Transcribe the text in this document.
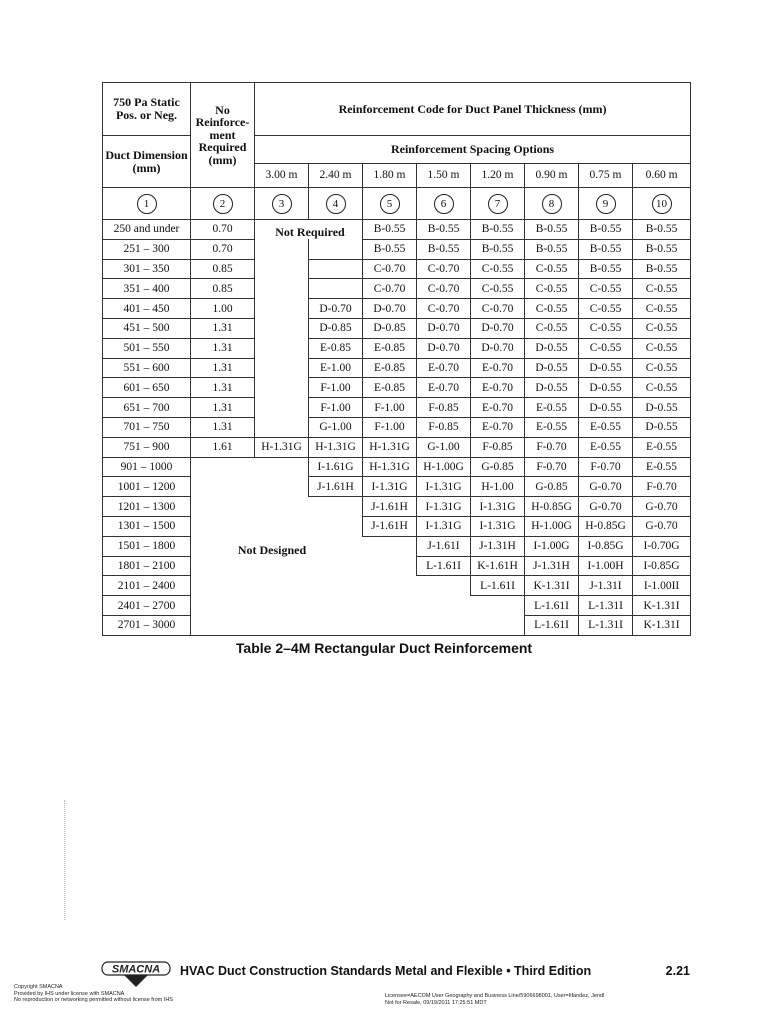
750 Pa Static Pos. or Neg.	No Reinforce- ment Required (mm)	Reinforcement Code for Duct Panel Thickness (mm)							
Duct Dimension (mm)		Reinforcement Spacing Options							
		3.00 m	2.40 m	1.80 m	1.50 m	1.20 m	0.90 m	0.75 m	0.60 m
1	2	3	4	5	6	7	8	9	10
250 and under	0.70			B-0.55	B-0.55	B-0.55	B-0.55	B-0.55	B-0.55
251 – 300	0.70			B-0.55	B-0.55	B-0.55	B-0.55	B-0.55	B-0.55
301 – 350	0.85			C-0.70	C-0.70	C-0.55	C-0.55	B-0.55	B-0.55
351 – 400	0.85			C-0.70	C-0.70	C-0.55	C-0.55	C-0.55	C-0.55
401 – 450	1.00		D-0.70	D-0.70	C-0.70	C-0.70	C-0.55	C-0.55	C-0.55
451 – 500	1.31		D-0.85	D-0.85	D-0.70	D-0.70	C-0.55	C-0.55	C-0.55
501 – 550	1.31		E-0.85	E-0.85	D-0.70	D-0.70	D-0.55	C-0.55	C-0.55
551 – 600	1.31		E-1.00	E-0.85	E-0.70	E-0.70	D-0.55	D-0.55	C-0.55
601 – 650	1.31		F-1.00	E-0.85	E-0.70	E-0.70	D-0.55	D-0.55	C-0.55
651 – 700	1.31		F-1.00	F-1.00	F-0.85	E-0.70	E-0.55	D-0.55	D-0.55
701 – 750	1.31		G-1.00	F-1.00	F-0.85	E-0.70	E-0.55	E-0.55	D-0.55
751 – 900	1.61	H-1.31G	H-1.31G	H-1.31G	G-1.00	F-0.85	F-0.70	E-0.55	E-0.55
901 – 1000			I-1.61G	H-1.31G	H-1.00G	G-0.85	F-0.70	F-0.70	E-0.55
1001 – 1200			J-1.61H	I-1.31G	I-1.31G	H-1.00	G-0.85	G-0.70	F-0.70
1201 – 1300				J-1.61H	I-1.31G	I-1.31G	H-0.85G	G-0.70	G-0.70
1301 – 1500				J-1.61H	I-1.31G	I-1.31G	H-1.00G	H-0.85G	G-0.70
1501 – 1800					J-1.61I	J-1.31H	I-1.00G	I-0.85G	I-0.70G
1801 – 2100					L-1.61I	K-1.61H	J-1.31H	I-1.00H	I-0.85G
2101 – 2400						L-1.61I	K-1.31I	J-1.31I	I-1.00II
2401 – 2700							L-1.61I	L-1.31I	K-1.31I
2701 – 3000							L-1.61I	L-1.31I	K-1.31I
Table 2–4M Rectangular Duct Reinforcement
SMACNA HVAC Duct Construction Standards Metal and Flexible • Third Edition	2.21
Copyright SMACNA
Provided by IHS under license with SMACNA
No reproduction or networking permitted without license from IHS
Licensee=AECOM User Geography and Business Line/5906698001, User=Iifandez, Jendl
Not for Resale, 09/19/2011 17:25:51 MDT
Not Required
Not Designed
